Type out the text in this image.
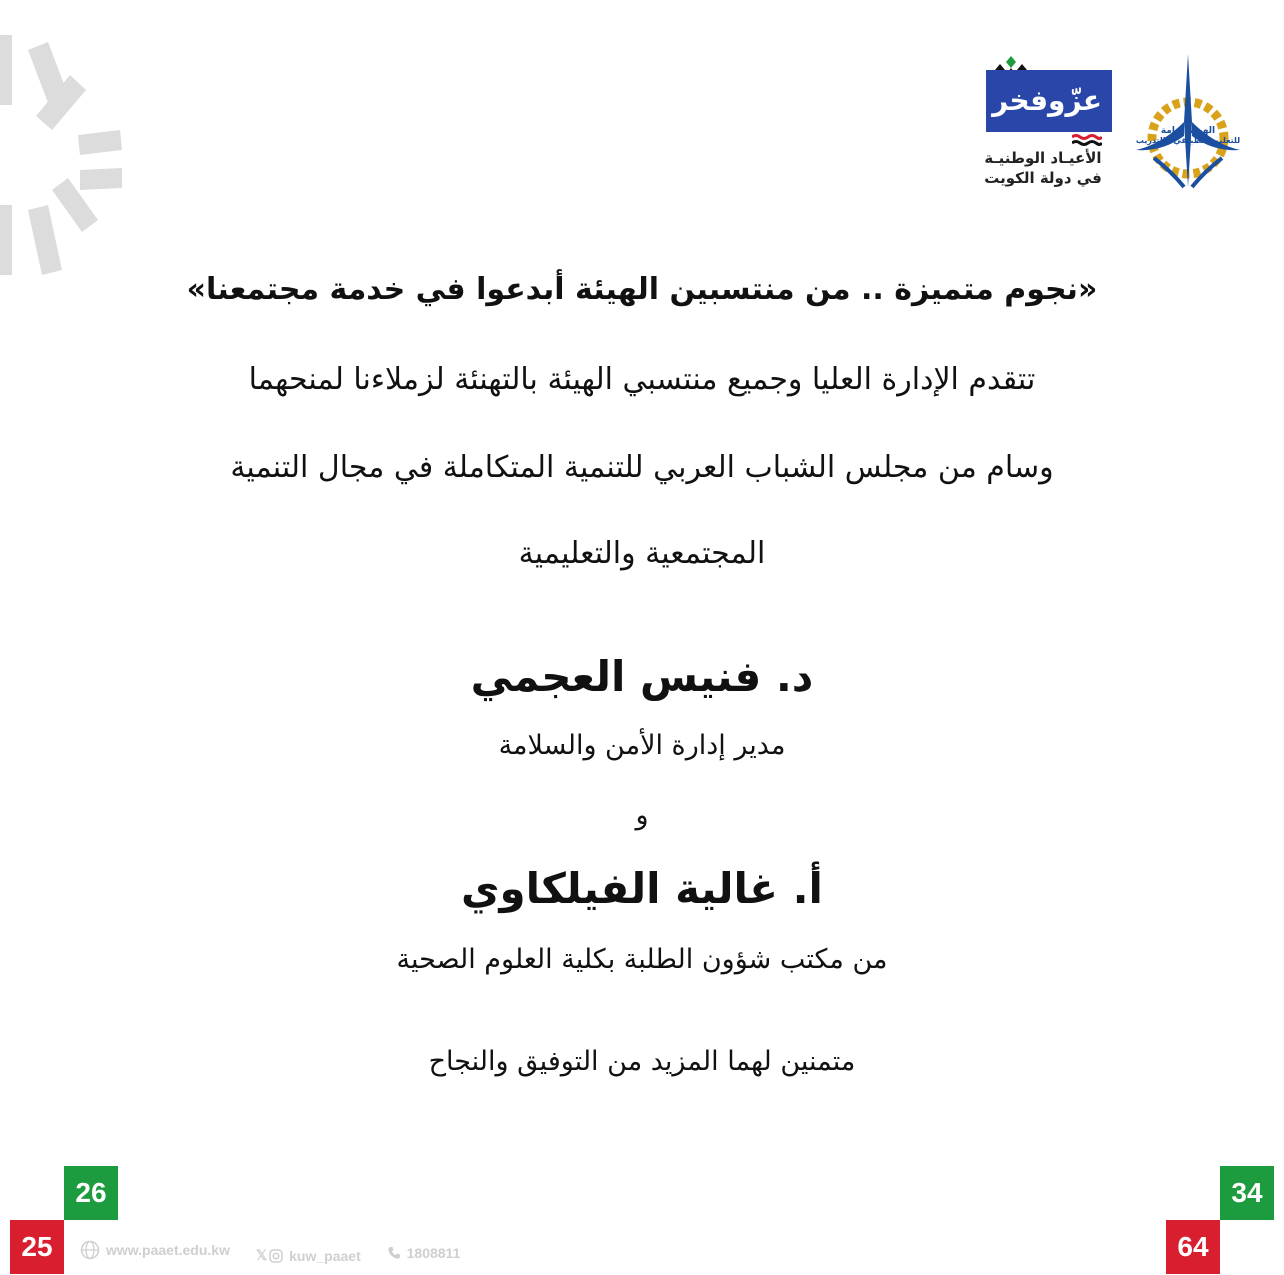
عزّوفخر
الأعيـاد الوطنيـة
في دولة الكويت
الهيئة العامة
للتعليم التطبيقي والتدريب
«نجوم متميزة .. من منتسبين الهيئة أبدعوا في خدمة مجتمعنا»
تتقدم الإدارة العليا وجميع منتسبي الهيئة بالتهنئة لزملاءنا لمنحهما
وسام من مجلس الشباب العربي للتنمية المتكاملة في مجال التنمية
المجتمعية والتعليمية
د. فنيس العجمي
مدير إدارة الأمن والسلامة
و
أ. غالية الفيلكاوي
من مكتب شؤون الطلبة بكلية العلوم الصحية
متمنين لهما المزيد من التوفيق والنجاح
26
25
34
64
www.paaet.edu.kw
𝕏 kuw_paaet
	1808811
